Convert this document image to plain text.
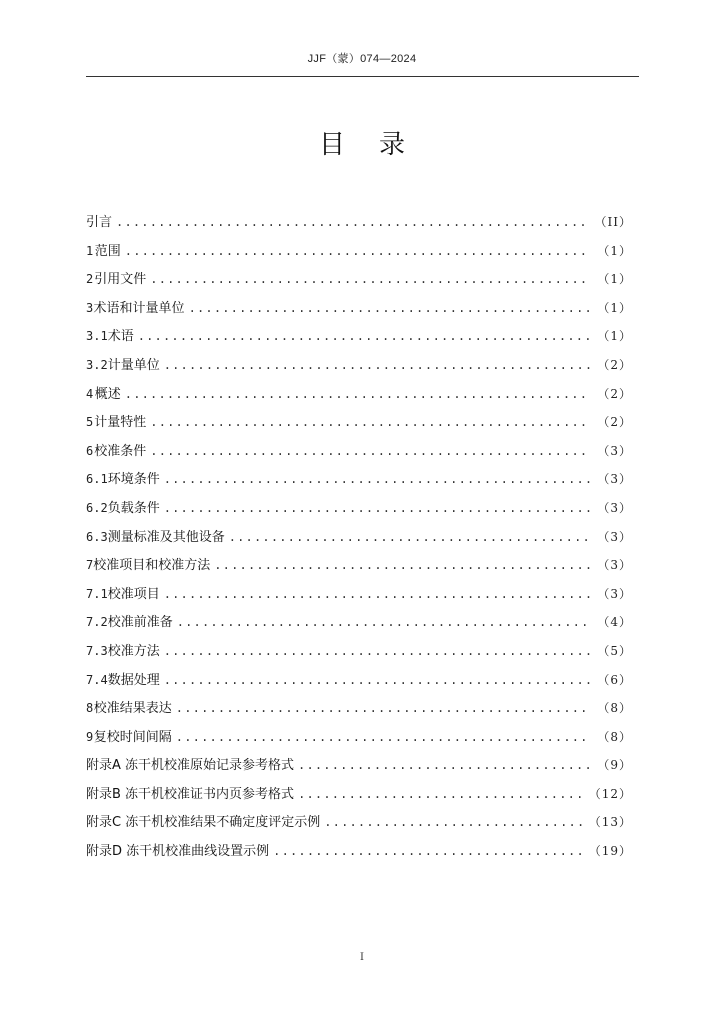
JJF（蒙）074—2024
目录
引言 .....	（II）
1 范围 .....	（1）
2 引用文件 .....	（1）
3 术语和计量单位 .....	（1）
3.1 术语 .....	（1）
3.2 计量单位 .....	（2）
4 概述 .....	（2）
5 计量特性 .....	（2）
6 校准条件 .....	（3）
6.1 环境条件 .....	（3）
6.2 负载条件 .....	（3）
6.3 测量标准及其他设备 .....	（3）
7 校准项目和校准方法 .....	（3）
7.1 校准项目 .....	（3）
7.2 校准前准备 .....	（4）
7.3 校准方法 .....	（5）
7.4 数据处理 .....	（6）
8 校准结果表达 .....	（8）
9 复校时间间隔 .....	（8）
附录A 冻干机校准原始记录参考格式 .....	（9）
附录B 冻干机校准证书内页参考格式 .....	（12）
附录C 冻干机校准结果不确定度评定示例 .....	（13）
附录D 冻干机校准曲线设置示例 .....	（19）
I
